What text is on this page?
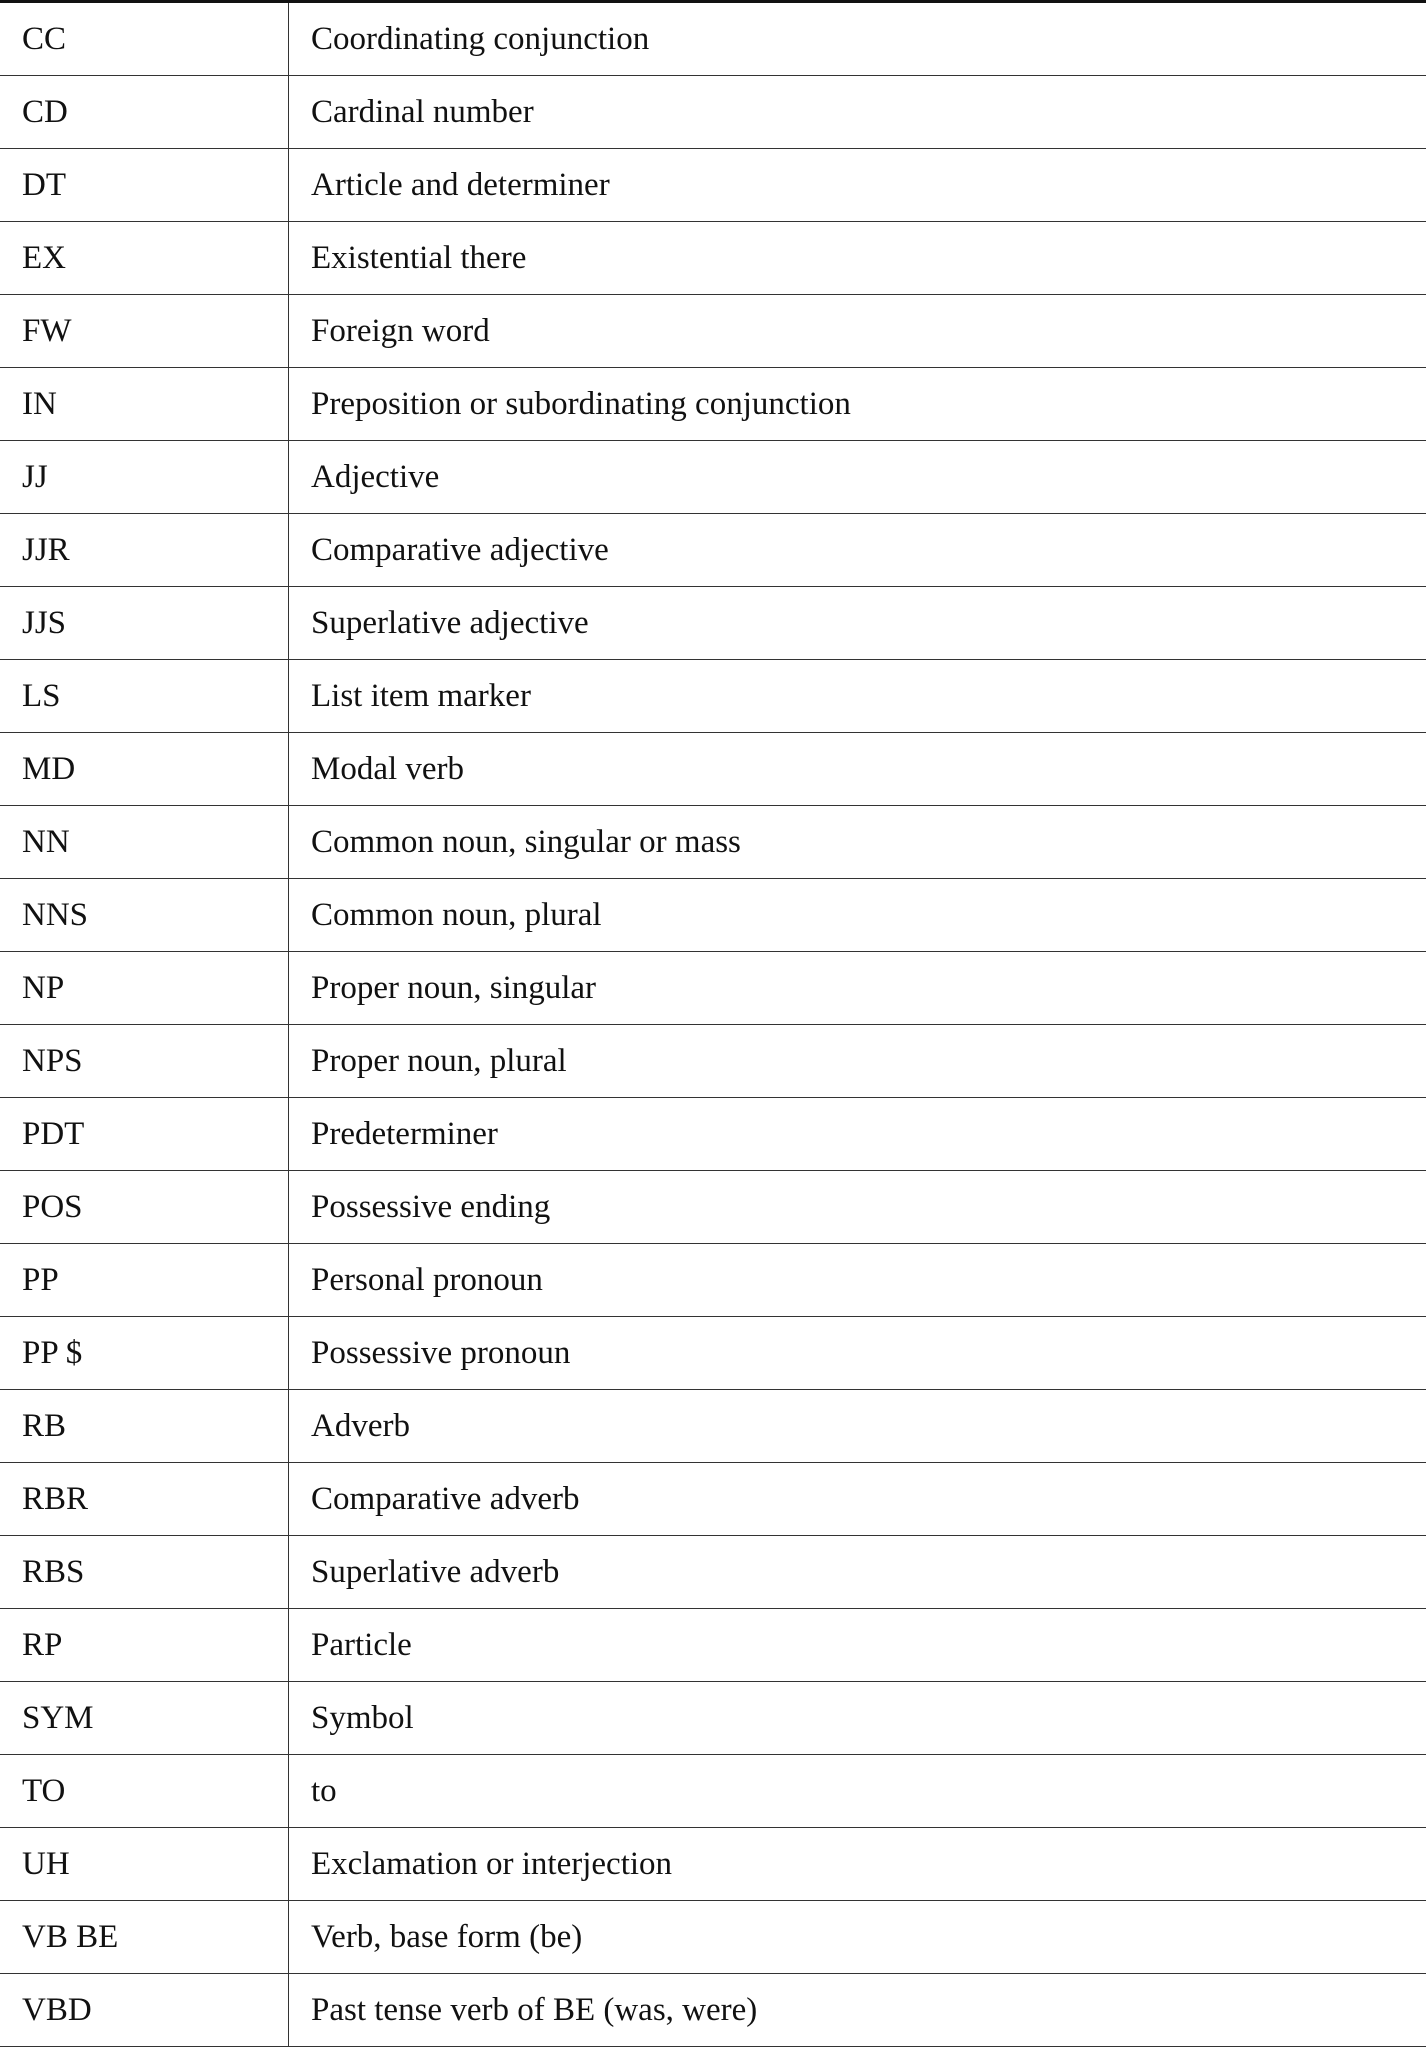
CC	Coordinating conjunction
CD	Cardinal number
DT	Article and determiner
EX	Existential there
FW	Foreign word
IN	Preposition or subordinating conjunction
JJ	Adjective
JJR	Comparative adjective
JJS	Superlative adjective
LS	List item marker
MD	Modal verb
NN	Common noun, singular or mass
NNS	Common noun, plural
NP	Proper noun, singular
NPS	Proper noun, plural
PDT	Predeterminer
POS	Possessive ending
PP	Personal pronoun
PP $	Possessive pronoun
RB	Adverb
RBR	Comparative adverb
RBS	Superlative adverb
RP	Particle
SYM	Symbol
TO	to
UH	Exclamation or interjection
VB BE	Verb, base form (be)
VBD	Past tense verb of BE (was, were)
